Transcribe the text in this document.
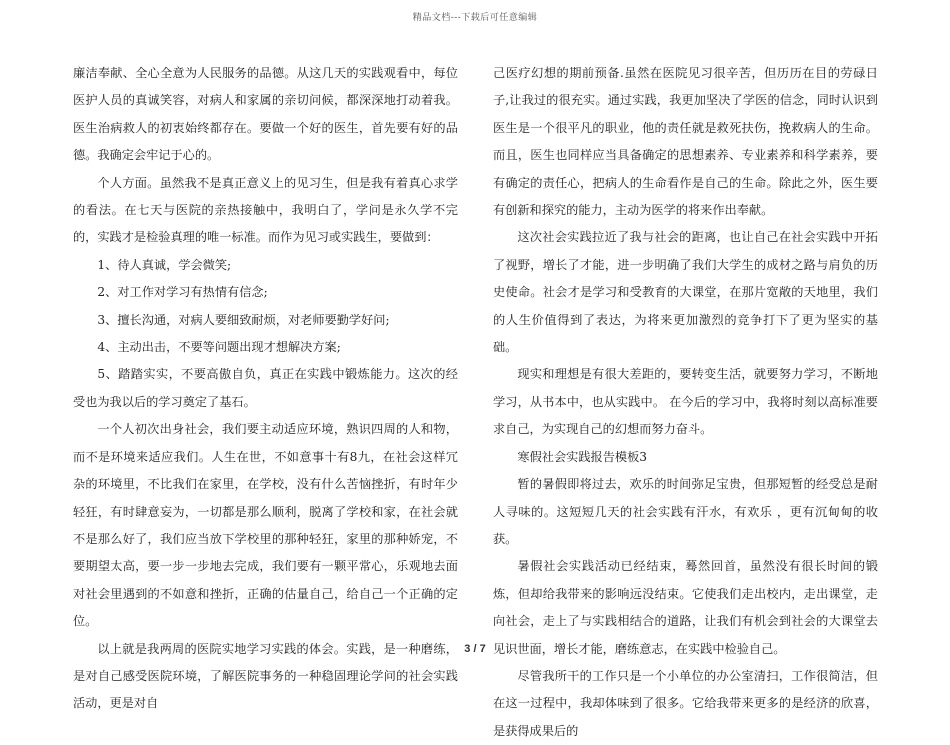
精品文档---下载后可任意编辑

廉洁奉献、全心全意为人民服务的品德。从这几天的实践观看中，每位医护人员的真诚笑容，对病人和家属的亲切问候，都深深地打动着我。医生治病救人的初衷始终都存在。要做一个好的医生，首先要有好的品德。我确定会牢记于心的。

个人方面。虽然我不是真正意义上的见习生，但是我有着真心求学的看法。在七天与医院的亲热接触中，我明白了，学问是永久学不完的，实践才是检验真理的唯一标准。而作为见习或实践生，要做到：

1、待人真诚，学会微笑;

2、对工作对学习有热情有信念;

3、擅长沟通，对病人要细致耐烦，对老师要勤学好问;

4、主动出击，不要等问题出现才想解决方案;

5、踏踏实实，不要高傲自负，真正在实践中锻炼能力。这次的经受也为我以后的学习奠定了基石。

一个人初次出身社会，我们要主动适应环境，熟识四周的人和物，而不是环境来适应我们。人生在世，不如意事十有8九，在社会这样冗杂的环境里，不比我们在家里，在学校，没有什么苦恼挫折，有时年少轻狂，有时肆意妄为，一切都是那么顺利，脱离了学校和家，在社会就不是那么好了，我们应当放下学校里的那种轻狂，家里的那种娇宠，不要期望太高，要一步一步地去完成，我们要有一颗平常心，乐观地去面对社会里遇到的不如意和挫折，正确的估量自己，给自己一个正确的定位。

以上就是我两周的医院实地学习实践的体会。实践，是一种磨练，是对自己感受医院环境，了解医院事务的一种稳固理论学问的社会实践活动，更是对自

己医疗幻想的期前预备.虽然在医院见习很辛苦，但历历在目的劳碌日子,让我过的很充实。通过实践，我更加坚决了学医的信念，同时认识到医生是一个很平凡的职业，他的责任就是救死扶伤，挽救病人的生命。而且，医生也同样应当具备确定的思想素养、专业素养和科学素养，要有确定的责任心，把病人的生命看作是自己的生命。除此之外，医生要有创新和探究的能力，主动为医学的将来作出奉献。

这次社会实践拉近了我与社会的距离，也让自己在社会实践中开拓了视野，增长了才能，进一步明确了我们大学生的成材之路与肩负的历史使命。社会才是学习和受教育的大课堂，在那片宽敞的天地里，我们的人生价值得到了表达，为将来更加激烈的竞争打下了更为坚实的基础。

现实和理想是有很大差距的，要转变生活，就要努力学习，不断地学习，从书本中，也从实践中。 在今后的学习中，我将时刻以高标准要求自己，为实现自己的幻想而努力奋斗。

寒假社会实践报告模板3

暂的暑假即将过去，欢乐的时间弥足宝贵，但那短暂的经受总是耐人寻味的。这短短几天的社会实践有汗水，有欢乐 ，更有沉甸甸的收获。

暑假社会实践活动已经结束，蓦然回首，虽然没有很长时间的锻炼，但却给我带来的影响远没结束。它使我们走出校内，走出课堂，走向社会，走上了与实践相结合的道路，让我们有机会到社会的大课堂去见识世面，增长才能，磨练意志，在实践中检验自己。

尽管我所干的工作只是一个小单位的办公室清扫，工作很简洁，但在这一过程中，我却体味到了很多。它给我带来更多的是经济的欣喜，是获得成果后的

3 / 7
